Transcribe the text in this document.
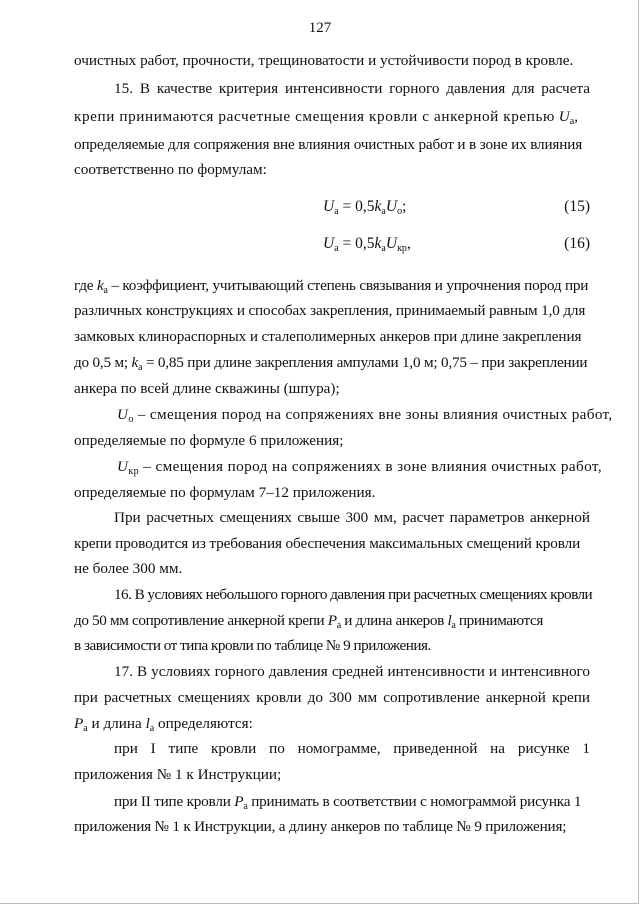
127
очистных работ, прочности, трещиноватости и устойчивости пород в кровле.
15. В качестве критерия интенсивности горного давления для расчета
крепи принимаются расчетные смещения кровли с анкерной крепью $U_а$,
определяемые для сопряжения вне влияния очистных работ и в зоне их влияния
соответственно по формулам:
$U_а = 0,5k_аU_о$;	(15)
$U_а = 0,5k_аU_{кр}$,	(16)
где $k_а$ – коэффициент, учитывающий степень связывания и упрочнения пород при
различных конструкциях и способах закрепления, принимаемый равным 1,0 для
замковых клинораспорных и сталеполимерных анкеров при длине закрепления
до 0,5 м; $k_а = 0,85$ при длине закрепления ампулами 1,0 м; 0,75 – при закреплении
анкера по всей длине скважины (шпура);
$U_о$ – смещения пород на сопряжениях вне зоны влияния очистных работ,
определяемые по формуле 6 приложения;
$U_{кр}$ – смещения пород на сопряжениях в зоне влияния очистных работ,
определяемые по формулам 7–12 приложения.
При расчетных смещениях свыше 300 мм, расчет параметров анкерной
крепи проводится из требования обеспечения максимальных смещений кровли
не более 300 мм.
16. В условиях небольшого горного давления при расчетных смещениях кровли
до 50 мм сопротивление анкерной крепи $P_а$ и длина анкеров $l_а$ принимаются
в зависимости от типа кровли по таблице № 9 приложения.
17. В условиях горного давления средней интенсивности и интенсивного
при расчетных смещениях кровли до 300 мм сопротивление анкерной крепи
$P_а$ и длина $l_а$ определяются:
при I типе кровли по номограмме, приведенной на рисунке 1
приложения № 1 к Инструкции;
при II типе кровли $P_а$ принимать в соответствии с номограммой рисунка 1
приложения № 1 к Инструкции, а длину анкеров по таблице № 9 приложения;
